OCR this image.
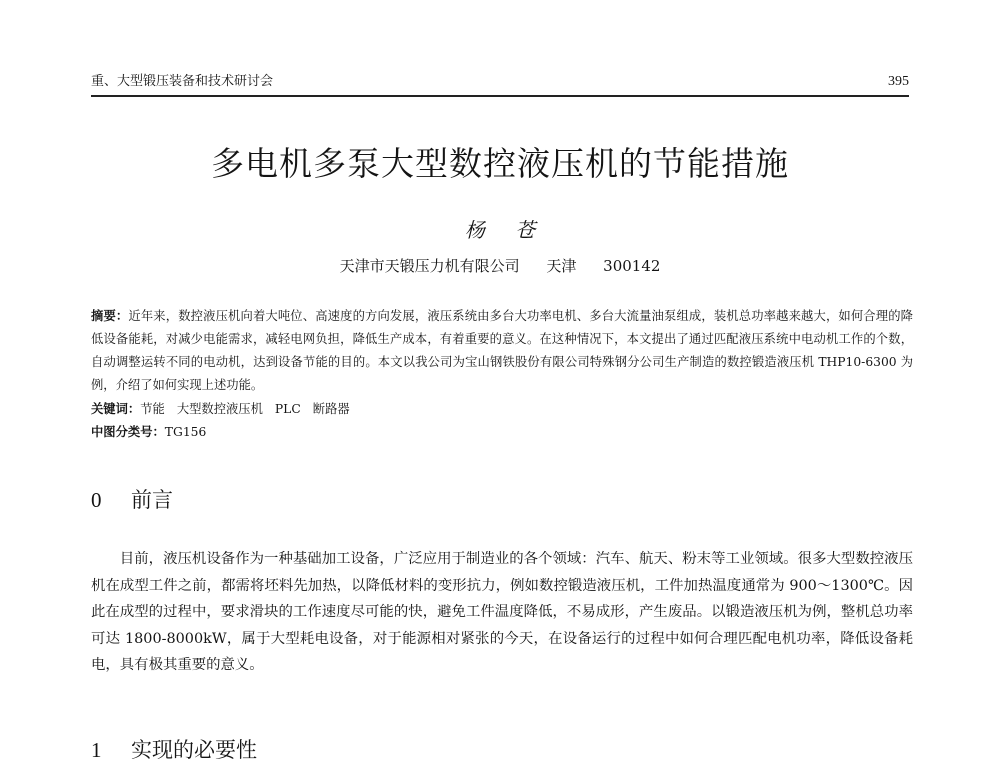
重、大型锻压装备和技术研讨会	395
多电机多泵大型数控液压机的节能措施
杨 苍
天津市天锻压力机有限公司 天津 300142
摘要：近年来，数控液压机向着大吨位、高速度的方向发展，液压系统由多台大功率电机、多台大流量油泵组成，装机总功率越来越大，如何合理的降低设备能耗，对减少电能需求，减轻电网负担，降低生产成本，有着重要的意义。在这种情况下，本文提出了通过匹配液压系统中电动机工作的个数，自动调整运转不同的电动机，达到设备节能的目的。本文以我公司为宝山钢铁股份有限公司特殊钢分公司生产制造的数控锻造液压机 THP10-6300 为例，介绍了如何实现上述功能。
关键词：节能 大型数控液压机 PLC 断路器
中图分类号：TG156
0 前言
目前，液压机设备作为一种基础加工设备，广泛应用于制造业的各个领域：汽车、航天、粉末等工业领域。很多大型数控液压机在成型工件之前，都需将坯料先加热，以降低材料的变形抗力，例如数控锻造液压机，工件加热温度通常为 900～1300℃。因此在成型的过程中，要求滑块的工作速度尽可能的快，避免工件温度降低，不易成形，产生废品。以锻造液压机为例，整机总功率可达 1800-8000kW，属于大型耗电设备，对于能源相对紧张的今天，在设备运行的过程中如何合理匹配电机功率，降低设备耗电，具有极其重要的意义。
1 实现的必要性
